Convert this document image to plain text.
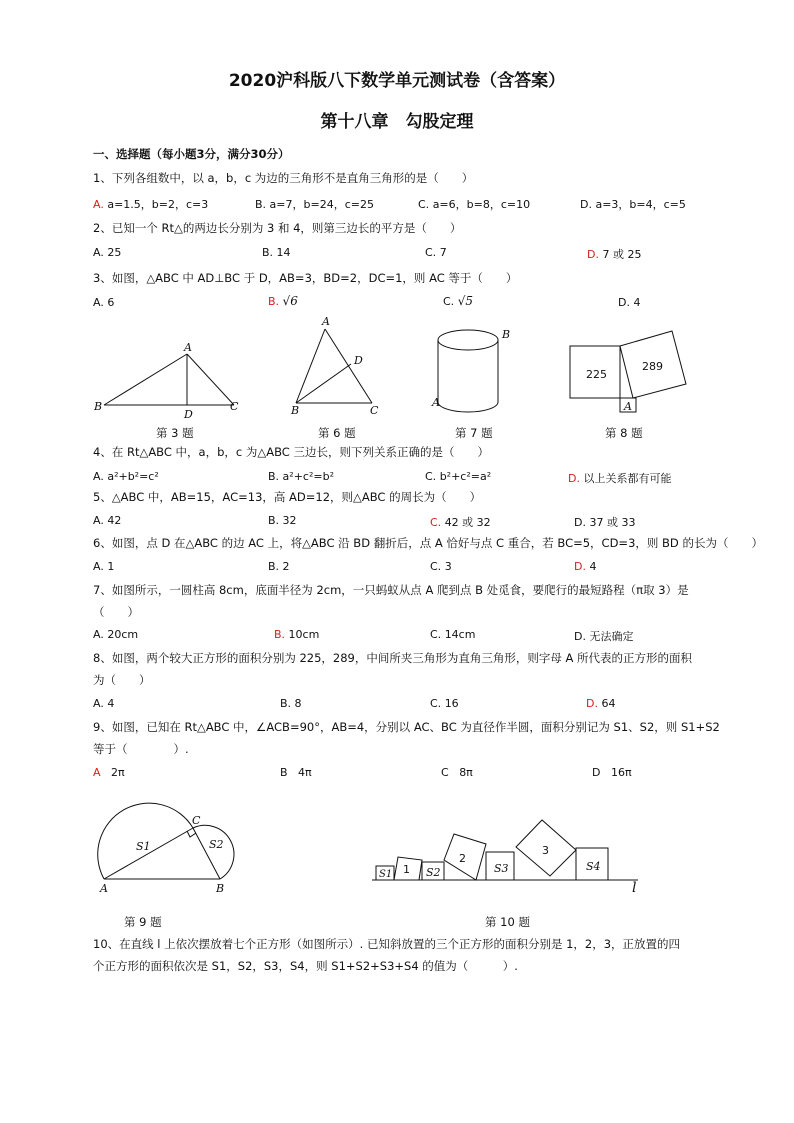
2020沪科版八下数学单元测试卷（含答案）
第十八章　勾股定理
一、选择题（每小题3分，满分30分）
1、下列各组数中，以 a，b，c 为边的三角形不是直角三角形的是（　　）
A. a=1.5，b=2，c=3	B. a=7，b=24，c=25	C. a=6，b=8，c=10	D. a=3，b=4，c=5
2、已知一个 Rt△的两边长分别为 3 和 4，则第三边长的平方是（　　）
A. 25	B. 14	C. 7	D. 7 或 25
3、如图，△ABC 中 AD⊥BC 于 D，AB=3，BD=2，DC=1，则 AC 等于（　　）
A. 6	B. √6	C. √5	D. 4
A
B	C
D
第 3 题
A
B	C
D
第 6 题
B
A
第 7 题
225
289
A
第 8 题
4、在 Rt△ABC 中，a，b，c 为△ABC 三边长，则下列关系正确的是（　　）
A. a²+b²=c²	B. a²+c²=b²	C. b²+c²=a²	D. 以上关系都有可能
5、△ABC 中，AB=15，AC=13，高 AD=12，则△ABC 的周长为（　　）
A. 42	B. 32	C. 42 或 32	D. 37 或 33
6、如图，点 D 在△ABC 的边 AC 上，将△ABC 沿 BD 翻折后，点 A 恰好与点 C 重合，若 BC=5，CD=3，则 BD 的长为（　　）
A. 1	B. 2	C. 3	D. 4
7、如图所示，一圆柱高 8cm，底面半径为 2cm，一只蚂蚁从点 A 爬到点 B 处觅食，要爬行的最短路程（π取 3）是
（　　）
A. 20cm	B. 10cm	C. 14cm	D. 无法确定
8、如图，两个较大正方形的面积分别为 225，289，中间所夹三角形为直角三角形，则字母 A 所代表的正方形的面积
为（　　）
A. 4	B. 8	C. 16	D. 64
9、如图，已知在 Rt△ABC 中，∠ACB=90°，AB=4，分别以 AC、BC 为直径作半圆，面积分别记为 S1、S2，则 S1+S2
等于（　　　　）.
A 2π	B 4π	C 8π	D 16π
C
S1	S2
A	B
第 9 题
S1 1 S2
2
S3
3
S4
l
第 10 题
10、在直线 l 上依次摆放着七个正方形（如图所示）. 已知斜放置的三个正方形的面积分别是 1，2，3，正放置的四
个正方形的面积依次是 S1，S2，S3，S4，则 S1+S2+S3+S4 的值为（　　　）.
